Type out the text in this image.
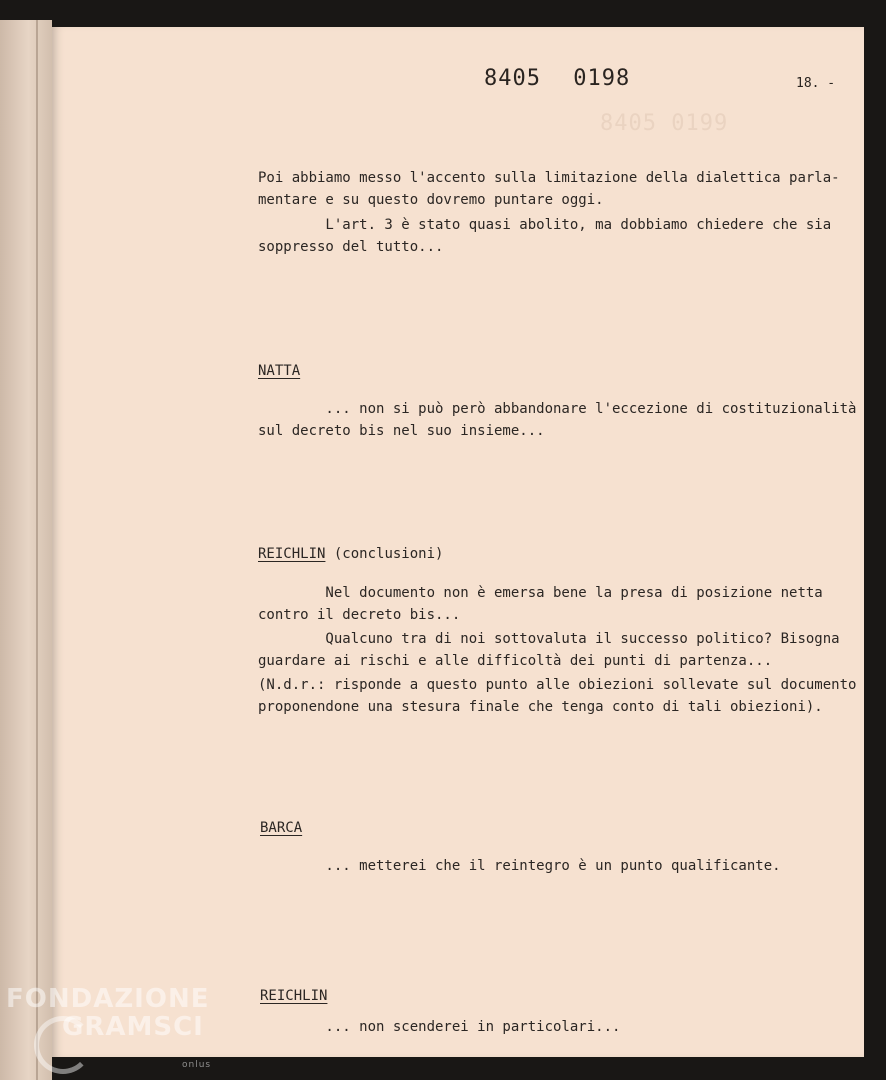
8405 0199
8405 0198	18. -
Poi abbiamo messo l'accento sulla limitazione della dialettica parla-
mentare e su questo dovremo puntare oggi.
L'art. 3 è stato quasi abolito, ma dobbiamo chiedere che sia
soppresso del tutto...
NATTA
... non si può però abbandonare l'eccezione di costituzionalità
sul decreto bis nel suo insieme...
REICHLIN (conclusioni)
Nel documento non è emersa bene la presa di posizione netta
contro il decreto bis...
Qualcuno tra di noi sottovaluta il successo politico? Bisogna
guardare ai rischi e alle difficoltà dei punti di partenza...
(N.d.r.: risponde a questo punto alle obiezioni sollevate sul documento
proponendone una stesura finale che tenga conto di tali obiezioni).
BARCA
... metterei che il reintegro è un punto qualificante.
REICHLIN
... non scenderei in particolari...
FONDAZIONE
GRAMSCI
onlus
